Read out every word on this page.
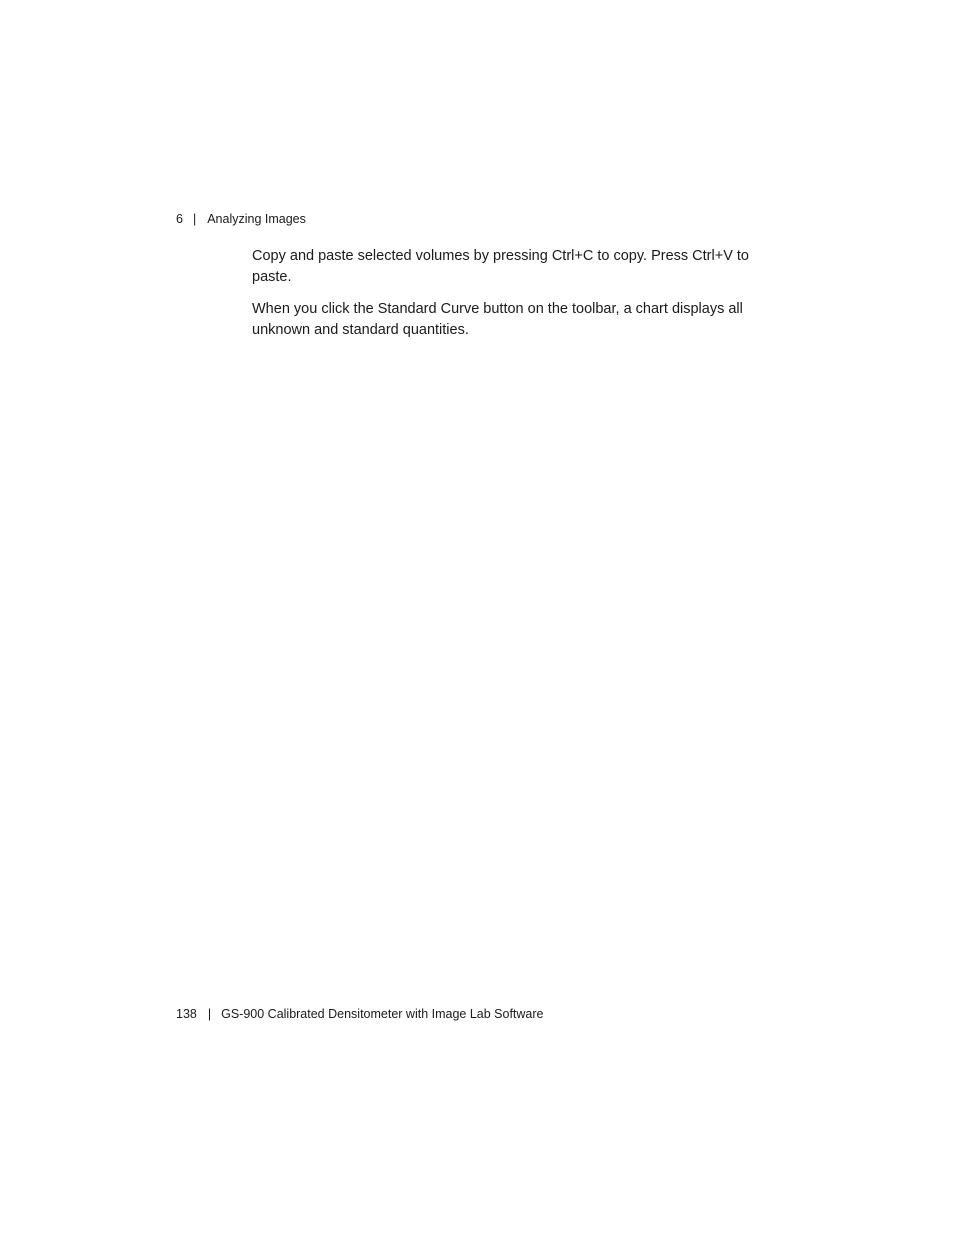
6 | Analyzing Images

Copy and paste selected volumes by pressing Ctrl+C to copy. Press Ctrl+V to paste.

When you click the Standard Curve button on the toolbar, a chart displays all unknown and standard quantities.

138 | GS-900 Calibrated Densitometer with Image Lab Software
